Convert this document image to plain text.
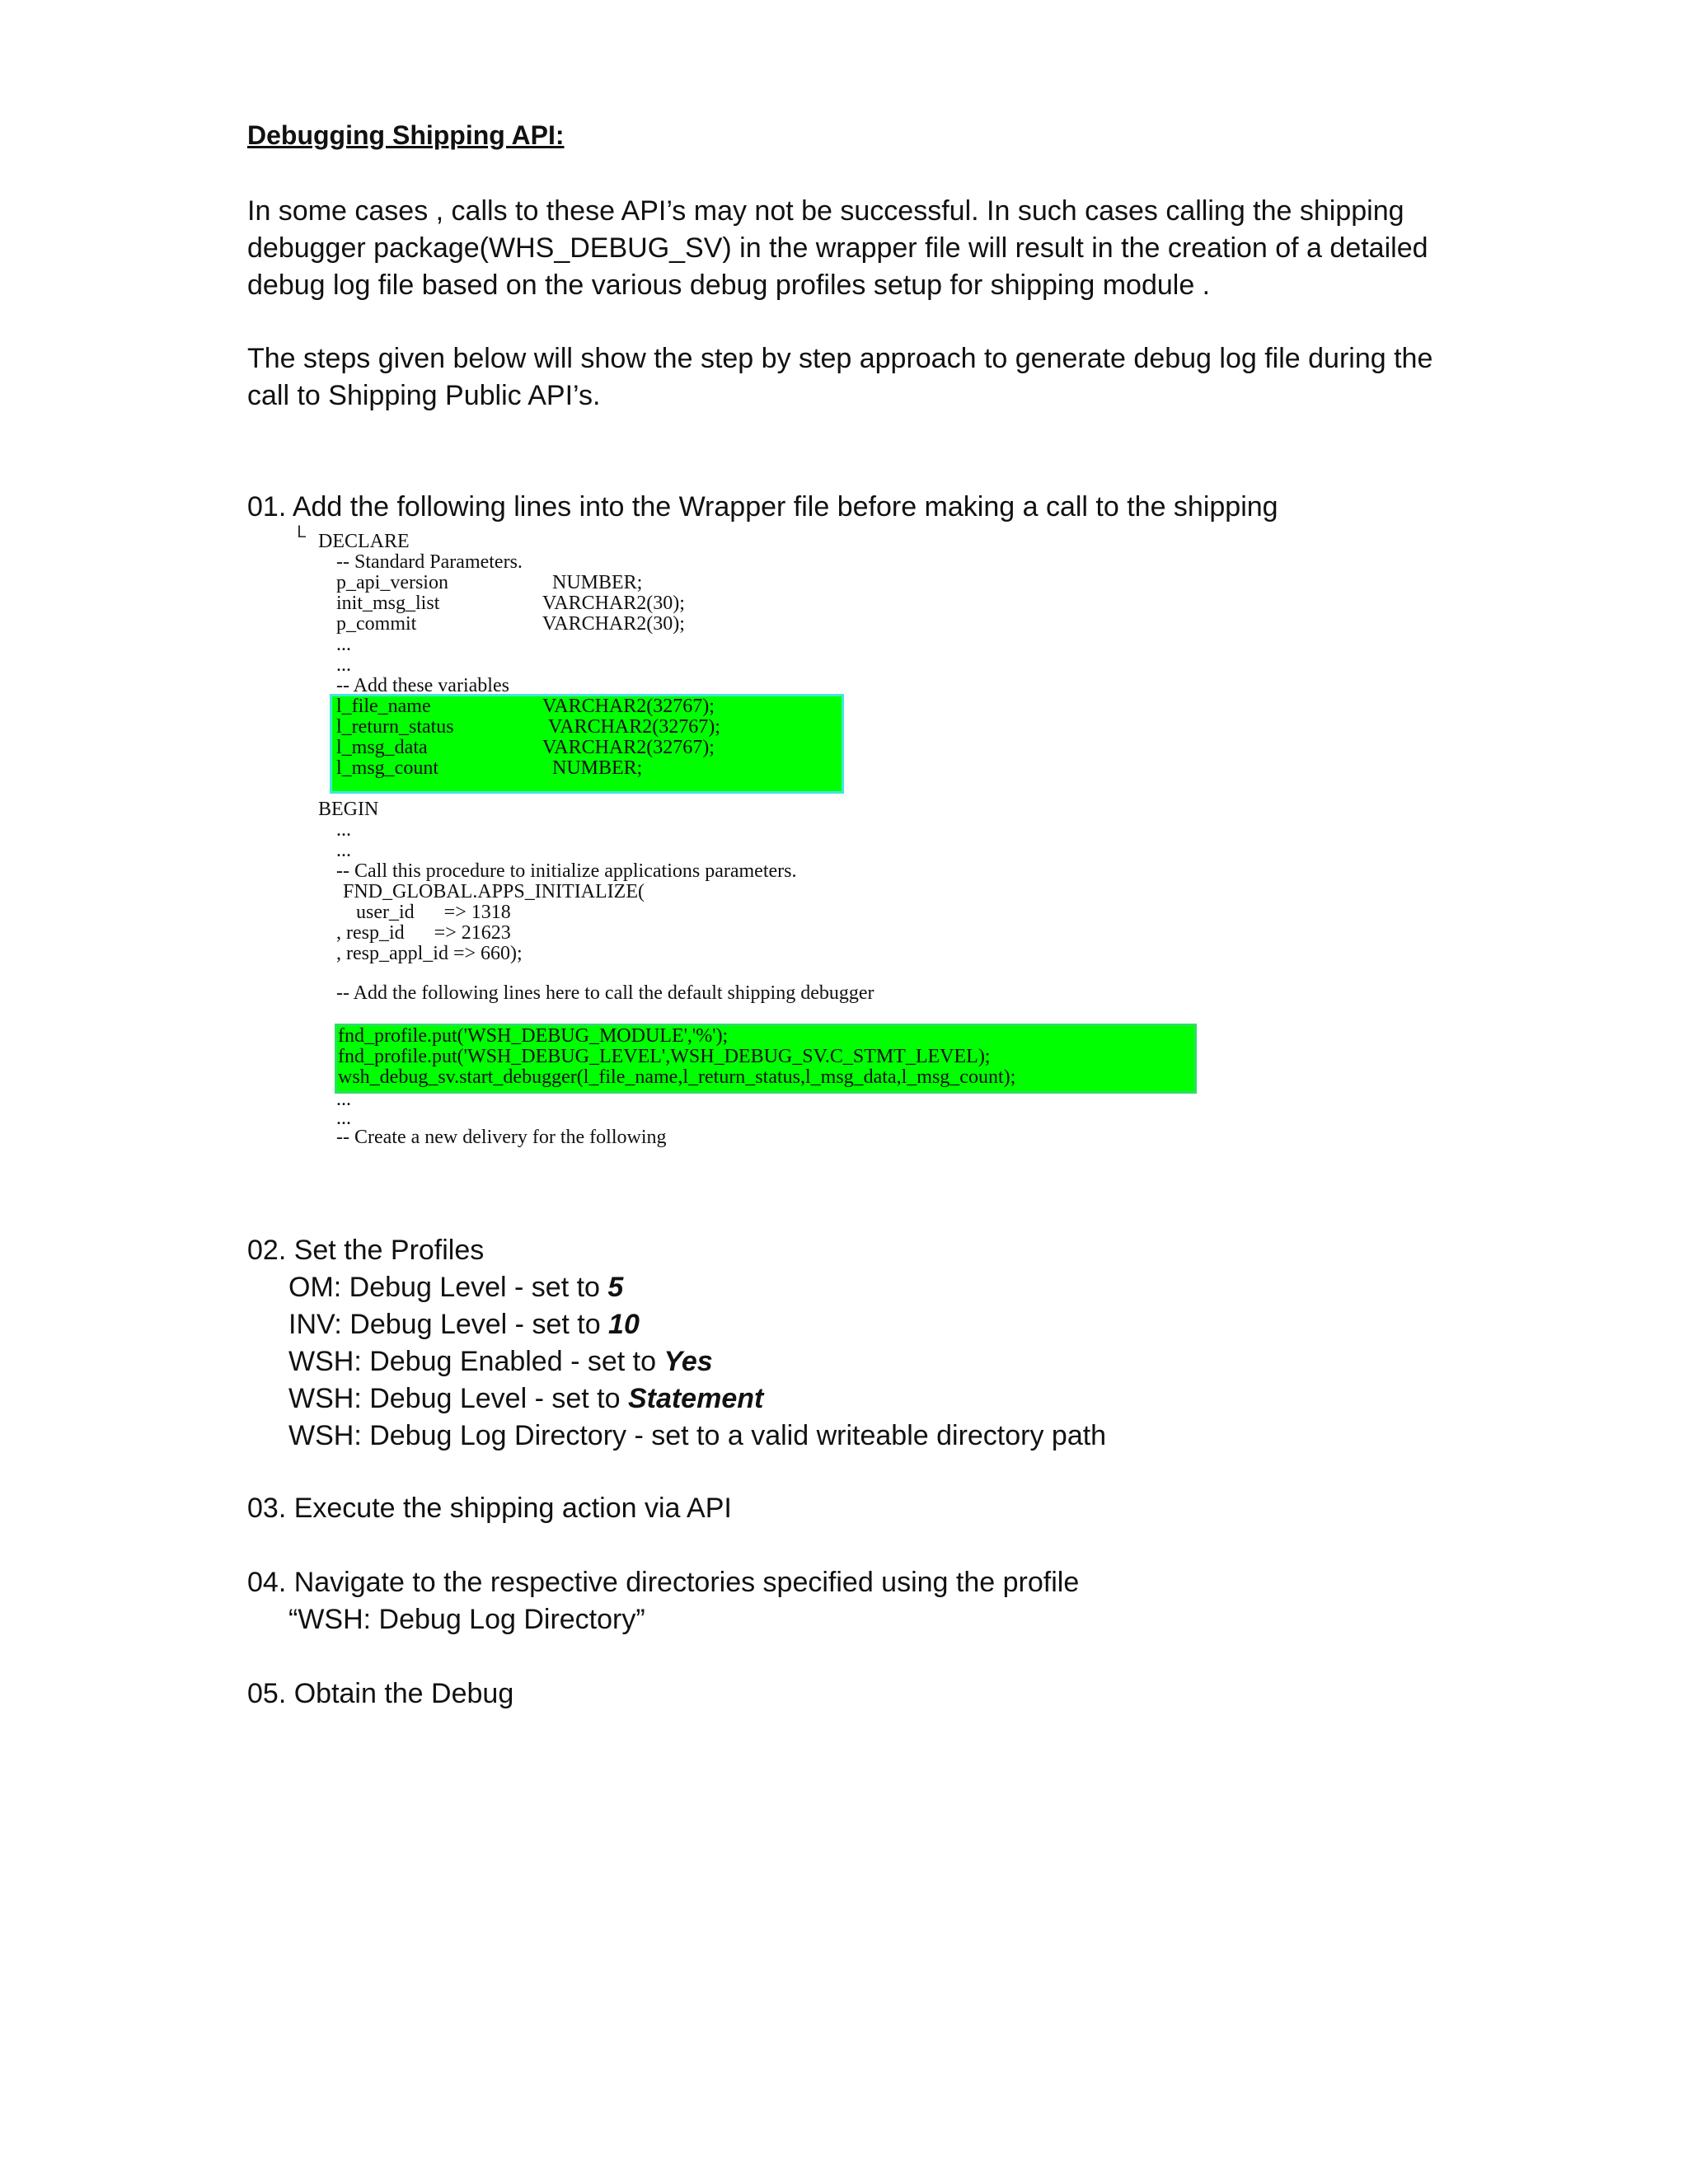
Debugging Shipping API:

In some cases , calls to these API’s may not be successful. In such cases calling the shipping debugger package(WHS_DEBUG_SV) in the wrapper file will result in the creation of a detailed debug log file based on the various debug profiles setup for shipping module .

The steps given below will show the step by step approach to generate debug log file during the call to Shipping Public API’s.

01. Add the following lines into the Wrapper file before making a call to the shipping
ᒪ DECLARE
-- Standard Parameters.
p_api_version	NUMBER;
init_msg_list	VARCHAR2(30);
p_commit	VARCHAR2(30);
...
...
-- Add these variables
l_file_name	VARCHAR2(32767);
l_return_status	VARCHAR2(32767);
l_msg_data	VARCHAR2(32767);
l_msg_count	NUMBER;
BEGIN
...
...
-- Call this procedure to initialize applications parameters.
FND_GLOBAL.APPS_INITIALIZE(
user_id      => 1318
, resp_id      => 21623
, resp_appl_id => 660);
-- Add the following lines here to call the default shipping debugger
fnd_profile.put('WSH_DEBUG_MODULE','%');
fnd_profile.put('WSH_DEBUG_LEVEL',WSH_DEBUG_SV.C_STMT_LEVEL);
wsh_debug_sv.start_debugger(l_file_name,l_return_status,l_msg_data,l_msg_count);
...
...
-- Create a new delivery for the following
02. Set the Profiles
OM: Debug Level - set to 5
INV: Debug Level - set to 10
WSH: Debug Enabled - set to Yes
WSH: Debug Level - set to Statement
WSH: Debug Log Directory - set to a valid writeable directory path
03. Execute the shipping action via API
04. Navigate to the respective directories specified using the profile
“WSH: Debug Log Directory”
05. Obtain the Debug
